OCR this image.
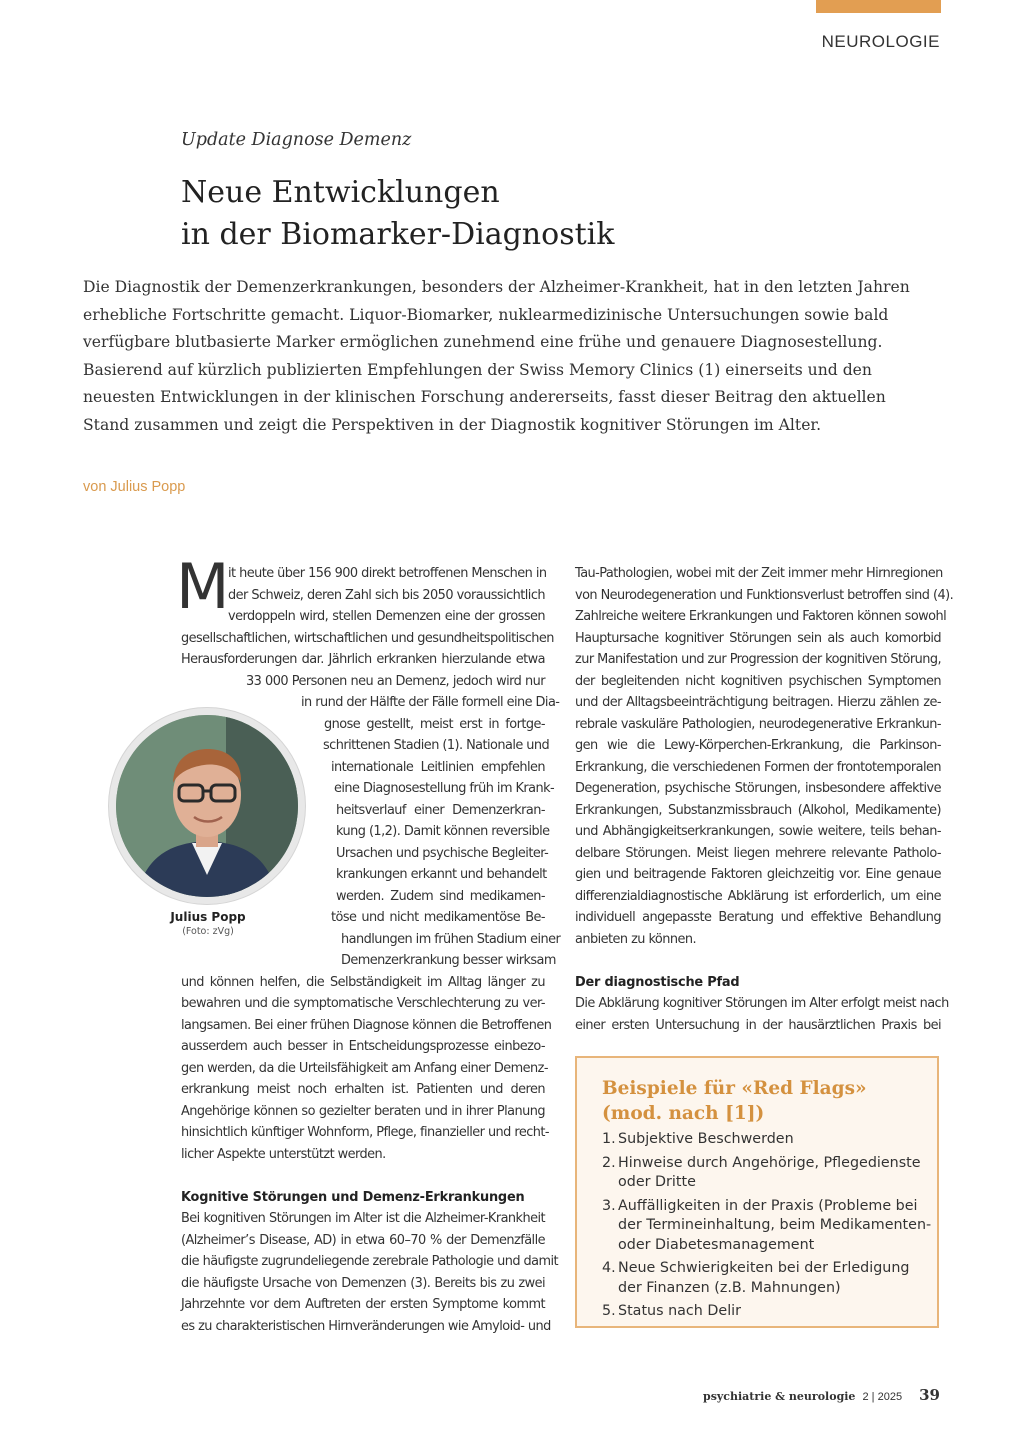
NEUROLOGIE
Update Diagnose Demenz
Neue Entwicklungen
in der Biomarker-Diagnostik
Die Diagnostik der Demenzerkrankungen, besonders der Alzheimer-Krankheit, hat in den letzten Jahren
erhebliche Fortschritte gemacht. Liquor-Biomarker, nuklearmedizinische Untersuchungen sowie bald
verfügbare blutbasierte Marker ermöglichen zunehmend eine frühe und genauere Diagnosestellung.
Basierend auf kürzlich publizierten Empfehlungen der Swiss Memory Clinics (1) einerseits und den
neuesten Entwicklungen in der klinischen Forschung andererseits, fasst dieser Beitrag den aktuellen
Stand zusammen und zeigt die Perspektiven in der Diagnostik kognitiver Störungen im Alter.
von Julius Popp
M
it heute über 156 900 direkt betroffenen Menschen in
der Schweiz, deren Zahl sich bis 2050 voraussichtlich
verdoppeln wird, stellen Demenzen eine der grossen
gesellschaftlichen, wirtschaftlichen und gesundheitspolitischen
Herausforderungen dar. Jährlich erkranken hierzulande etwa
33 000 Personen neu an Demenz, jedoch wird nur
in rund der Hälfte der Fälle formell eine Dia-
gnose gestellt, meist erst in fortge-
schrittenen Stadien (1). Nationale und
internationale Leitlinien empfehlen
eine Diagnosestellung früh im Krank-
heitsverlauf einer Demenzerkran-
kung (1,2). Damit können reversible
Ursachen und psychische Begleiter-
krankungen erkannt und behandelt
werden. Zudem sind medikamen-
töse und nicht medikamentöse Be-
handlungen im frühen Stadium einer
Demenzerkrankung besser wirksam
und können helfen, die Selbständigkeit im Alltag länger zu
bewahren und die symptomatische Verschlechterung zu ver-
langsamen. Bei einer frühen Diagnose können die Betroffenen
ausserdem auch besser in Entscheidungsprozesse einbezo-
gen werden, da die Urteilsfähigkeit am Anfang einer Demenz-
erkrankung meist noch erhalten ist. Patienten und deren
Angehörige können so gezielter beraten und in ihrer Planung
hinsichtlich künftiger Wohnform, Pflege, finanzieller und recht-
licher Aspekte unterstützt werden.
Kognitive Störungen und Demenz-Erkrankungen
Bei kognitiven Störungen im Alter ist die Alzheimer-Krankheit
(Alzheimer’s Disease, AD) in etwa 60–70 % der Demenzfälle
die häufigste zugrundeliegende zerebrale Pathologie und damit
die häufigste Ursache von Demenzen (3). Bereits bis zu zwei
Jahrzehnte vor dem Auftreten der ersten Symptome kommt
es zu charakteristischen Hirnveränderungen wie Amyloid- und
Julius Popp
(Foto: zVg)
Tau-Pathologien, wobei mit der Zeit immer mehr Hirnregionen
von Neurodegeneration und Funktionsverlust betroffen sind (4).
Zahlreiche weitere Erkrankungen und Faktoren können sowohl
Hauptursache kognitiver Störungen sein als auch komorbid
zur Manifestation und zur Progression der kognitiven Störung,
der begleitenden nicht kognitiven psychischen Symptomen
und der Alltagsbeeinträchtigung beitragen. Hierzu zählen ze-
rebrale vaskuläre Pathologien, neurodegenerative Erkrankun-
gen wie die Lewy-Körperchen-Erkrankung, die Parkinson-
Erkrankung, die verschiedenen Formen der frontotemporalen
Degeneration, psychische Störungen, insbesondere affektive
Erkrankungen, Substanzmissbrauch (Alkohol, Medikamente)
und Abhängigkeitserkrankungen, sowie weitere, teils behan-
delbare Störungen. Meist liegen mehrere relevante Patholo-
gien und beitragende Faktoren gleichzeitig vor. Eine genaue
differenzialdiagnostische Abklärung ist erforderlich, um eine
individuell angepasste Beratung und effektive Behandlung
anbieten zu können.
Der diagnostische Pfad
Die Abklärung kognitiver Störungen im Alter erfolgt meist nach
einer ersten Untersuchung in der hausärztlichen Praxis bei
Beispiele für «Red Flags»
(mod. nach [1])
1. Subjektive Beschwerden
2. Hinweise durch Angehörige, Pflegedienste
oder Dritte
3. Auffälligkeiten in der Praxis (Probleme bei
der Termineinhaltung, beim Medikamenten-
oder Diabetesmanagement
4. Neue Schwierigkeiten bei der Erledigung
der Finanzen (z.B. Mahnungen)
5. Status nach Delir
psychiatrie & neurologie 2 | 2025 39
